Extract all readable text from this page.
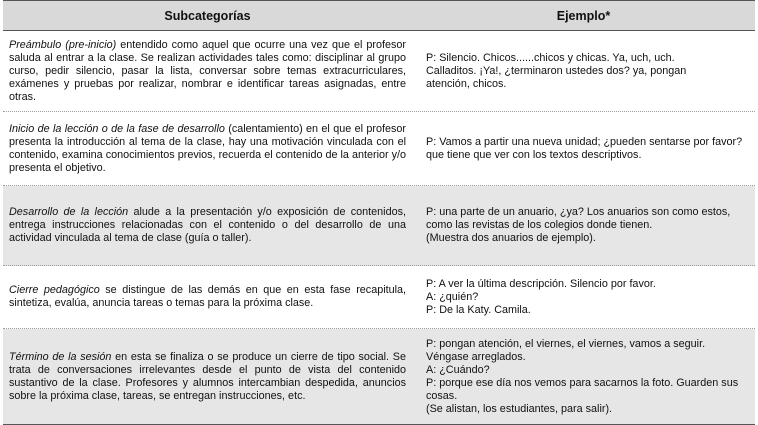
Subcategorías	Ejemplo*

Preámbulo (pre-inicio) entendido como aquel que ocurre una vez que el profesor saluda al entrar a la clase. Se realizan actividades tales como: disciplinar al grupo curso, pedir silencio, pasar la lista, conversar sobre temas extracurriculares, exámenes y pruebas por realizar, nombrar e identificar tareas asignadas, entre otras.

P: Silencio. Chicos......chicos y chicas. Ya, uch, uch.
Calladitos. ¡Ya!, ¿terminaron ustedes dos? ya, pongan
atención, chicos.

Inicio de la lección o de la fase de desarrollo (calentamiento) en el que el profesor presenta la introducción al tema de la clase, hay una motivación vinculada con el contenido, examina conocimientos previos, recuerda el contenido de la anterior y/o presenta el objetivo.

P: Vamos a partir una nueva unidad; ¿pueden sentarse por favor?
que tiene que ver con los textos descriptivos.

Desarrollo de la lección alude a la presentación y/o exposición de contenidos, entrega instrucciones relacionadas con el contenido o del desarrollo de una actividad vinculada al tema de clase (guía o taller).

P: una parte de un anuario, ¿ya? Los anuarios son como estos,
como las revistas de los colegios donde tienen.
(Muestra dos anuarios de ejemplo).

Cierre pedagógico se distingue de las demás en que en esta fase recapitula, sintetiza, evalúa, anuncia tareas o temas para la próxima clase.

P: A ver la última descripción. Silencio por favor.
A: ¿quién?
P: De la Katy. Camila.

Término de la sesión en esta se finaliza o se produce un cierre de tipo social. Se trata de conversaciones irrelevantes desde el punto de vista del contenido sustantivo de la clase. Profesores y alumnos intercambian despedida, anuncios sobre la próxima clase, tareas, se entregan instrucciones, etc.

P: pongan atención, el viernes, el viernes, vamos a seguir.
Véngase arreglados.
A: ¿Cuándo?
P: porque ese día nos vemos para sacarnos la foto. Guarden sus
cosas.
(Se alistan, los estudiantes, para salir).
